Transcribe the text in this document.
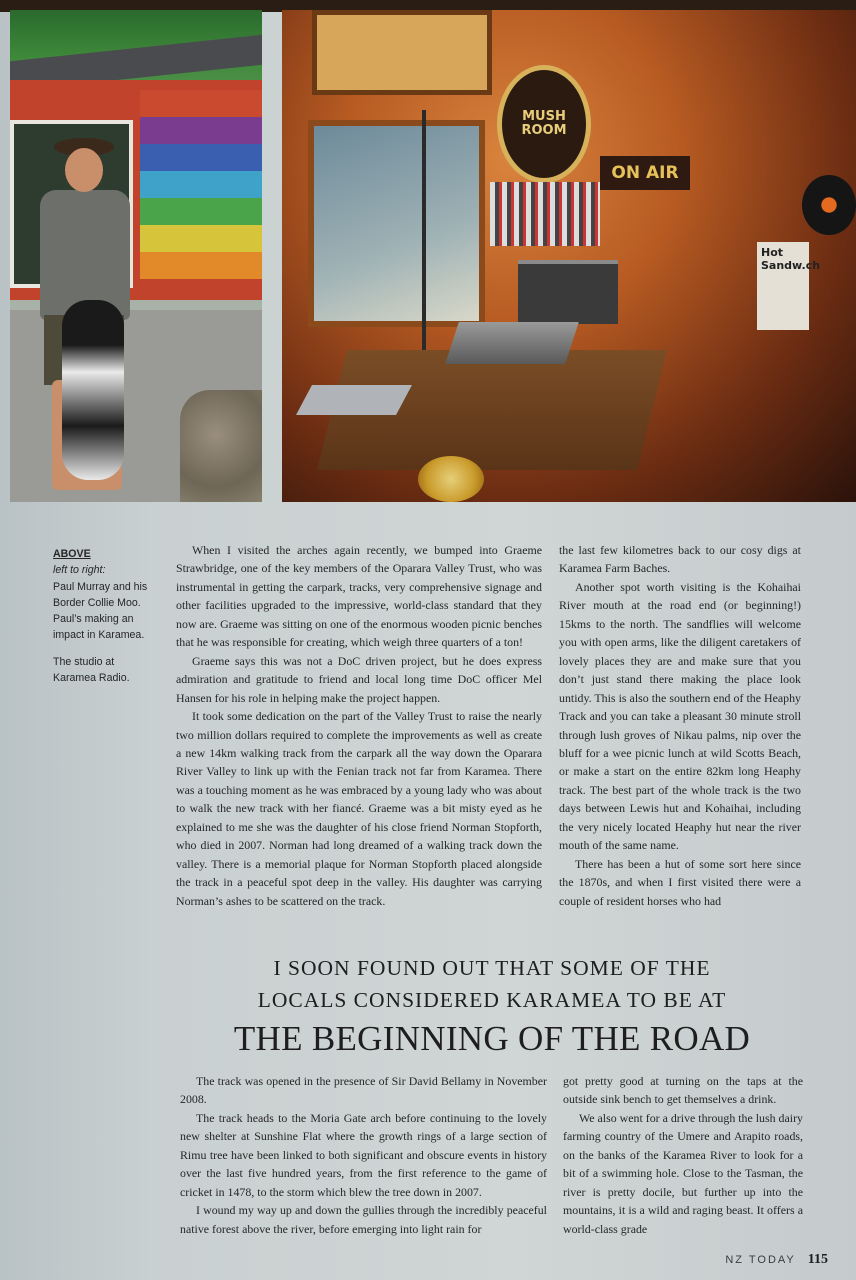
MUSH
ROOM
ON AIR
Hot
Sandw.ch
ABOVE
left to right:
Paul Murray and his
Border Collie Moo.
Paul’s making an
impact in Karamea.
The studio at
Karamea Radio.

When I visited the arches again recently, we bumped into Graeme Strawbridge, one of the key members of the Oparara Valley Trust, who was instrumental in getting the carpark, tracks, very comprehensive signage and other facilities upgraded to the impressive, world-class standard that they now are. Graeme was sitting on one of the enormous wooden picnic benches that he was responsible for creating, which weigh three quarters of a ton!

Graeme says this was not a DoC driven project, but he does express admiration and gratitude to friend and local long time DoC officer Mel Hansen for his role in helping make the project happen.

It took some dedication on the part of the Valley Trust to raise the nearly two million dollars required to complete the improvements as well as create a new 14km walking track from the carpark all the way down the Oparara River Valley to link up with the Fenian track not far from Karamea. There was a touching moment as he was embraced by a young lady who was about to walk the new track with her fiancé. Graeme was a bit misty eyed as he explained to me she was the daughter of his close friend Norman Stopforth, who died in 2007. Norman had long dreamed of a walking track down the valley. There is a memorial plaque for Norman Stopforth placed alongside the track in a peaceful spot deep in the valley. His daughter was carrying Norman’s ashes to be scattered on the track.

the last few kilometres back to our cosy digs at Karamea Farm Baches.

Another spot worth visiting is the Kohaihai River mouth at the road end (or beginning!) 15kms to the north. The sandflies will welcome you with open arms, like the diligent caretakers of lovely places they are and make sure that you don’t just stand there making the place look untidy. This is also the southern end of the Heaphy Track and you can take a pleasant 30 minute stroll through lush groves of Nikau palms, nip over the bluff for a wee picnic lunch at wild Scotts Beach, or make a start on the entire 82km long Heaphy track. The best part of the whole track is the two days between Lewis hut and Kohaihai, including the very nicely located Heaphy hut near the river mouth of the same name.

There has been a hut of some sort here since the 1870s, and when I first visited there were a couple of resident horses who had

I SOON FOUND OUT THAT SOME OF THE
LOCALS CONSIDERED KARAMEA TO BE AT
THE BEGINNING OF THE ROAD

The track was opened in the presence of Sir David Bellamy in November 2008.

The track heads to the Moria Gate arch before continuing to the lovely new shelter at Sunshine Flat where the growth rings of a large section of Rimu tree have been linked to both significant and obscure events in history over the last five hundred years, from the first reference to the game of cricket in 1478, to the storm which blew the tree down in 2007.

I wound my way up and down the gullies through the incredibly peaceful native forest above the river, before emerging into light rain for

got pretty good at turning on the taps at the outside sink bench to get themselves a drink.

We also went for a drive through the lush dairy farming country of the Umere and Arapito roads, on the banks of the Karamea River to look for a bit of a swimming hole. Close to the Tasman, the river is pretty docile, but further up into the mountains, it is a wild and raging beast. It offers a world-class grade

NZ TODAY 115
